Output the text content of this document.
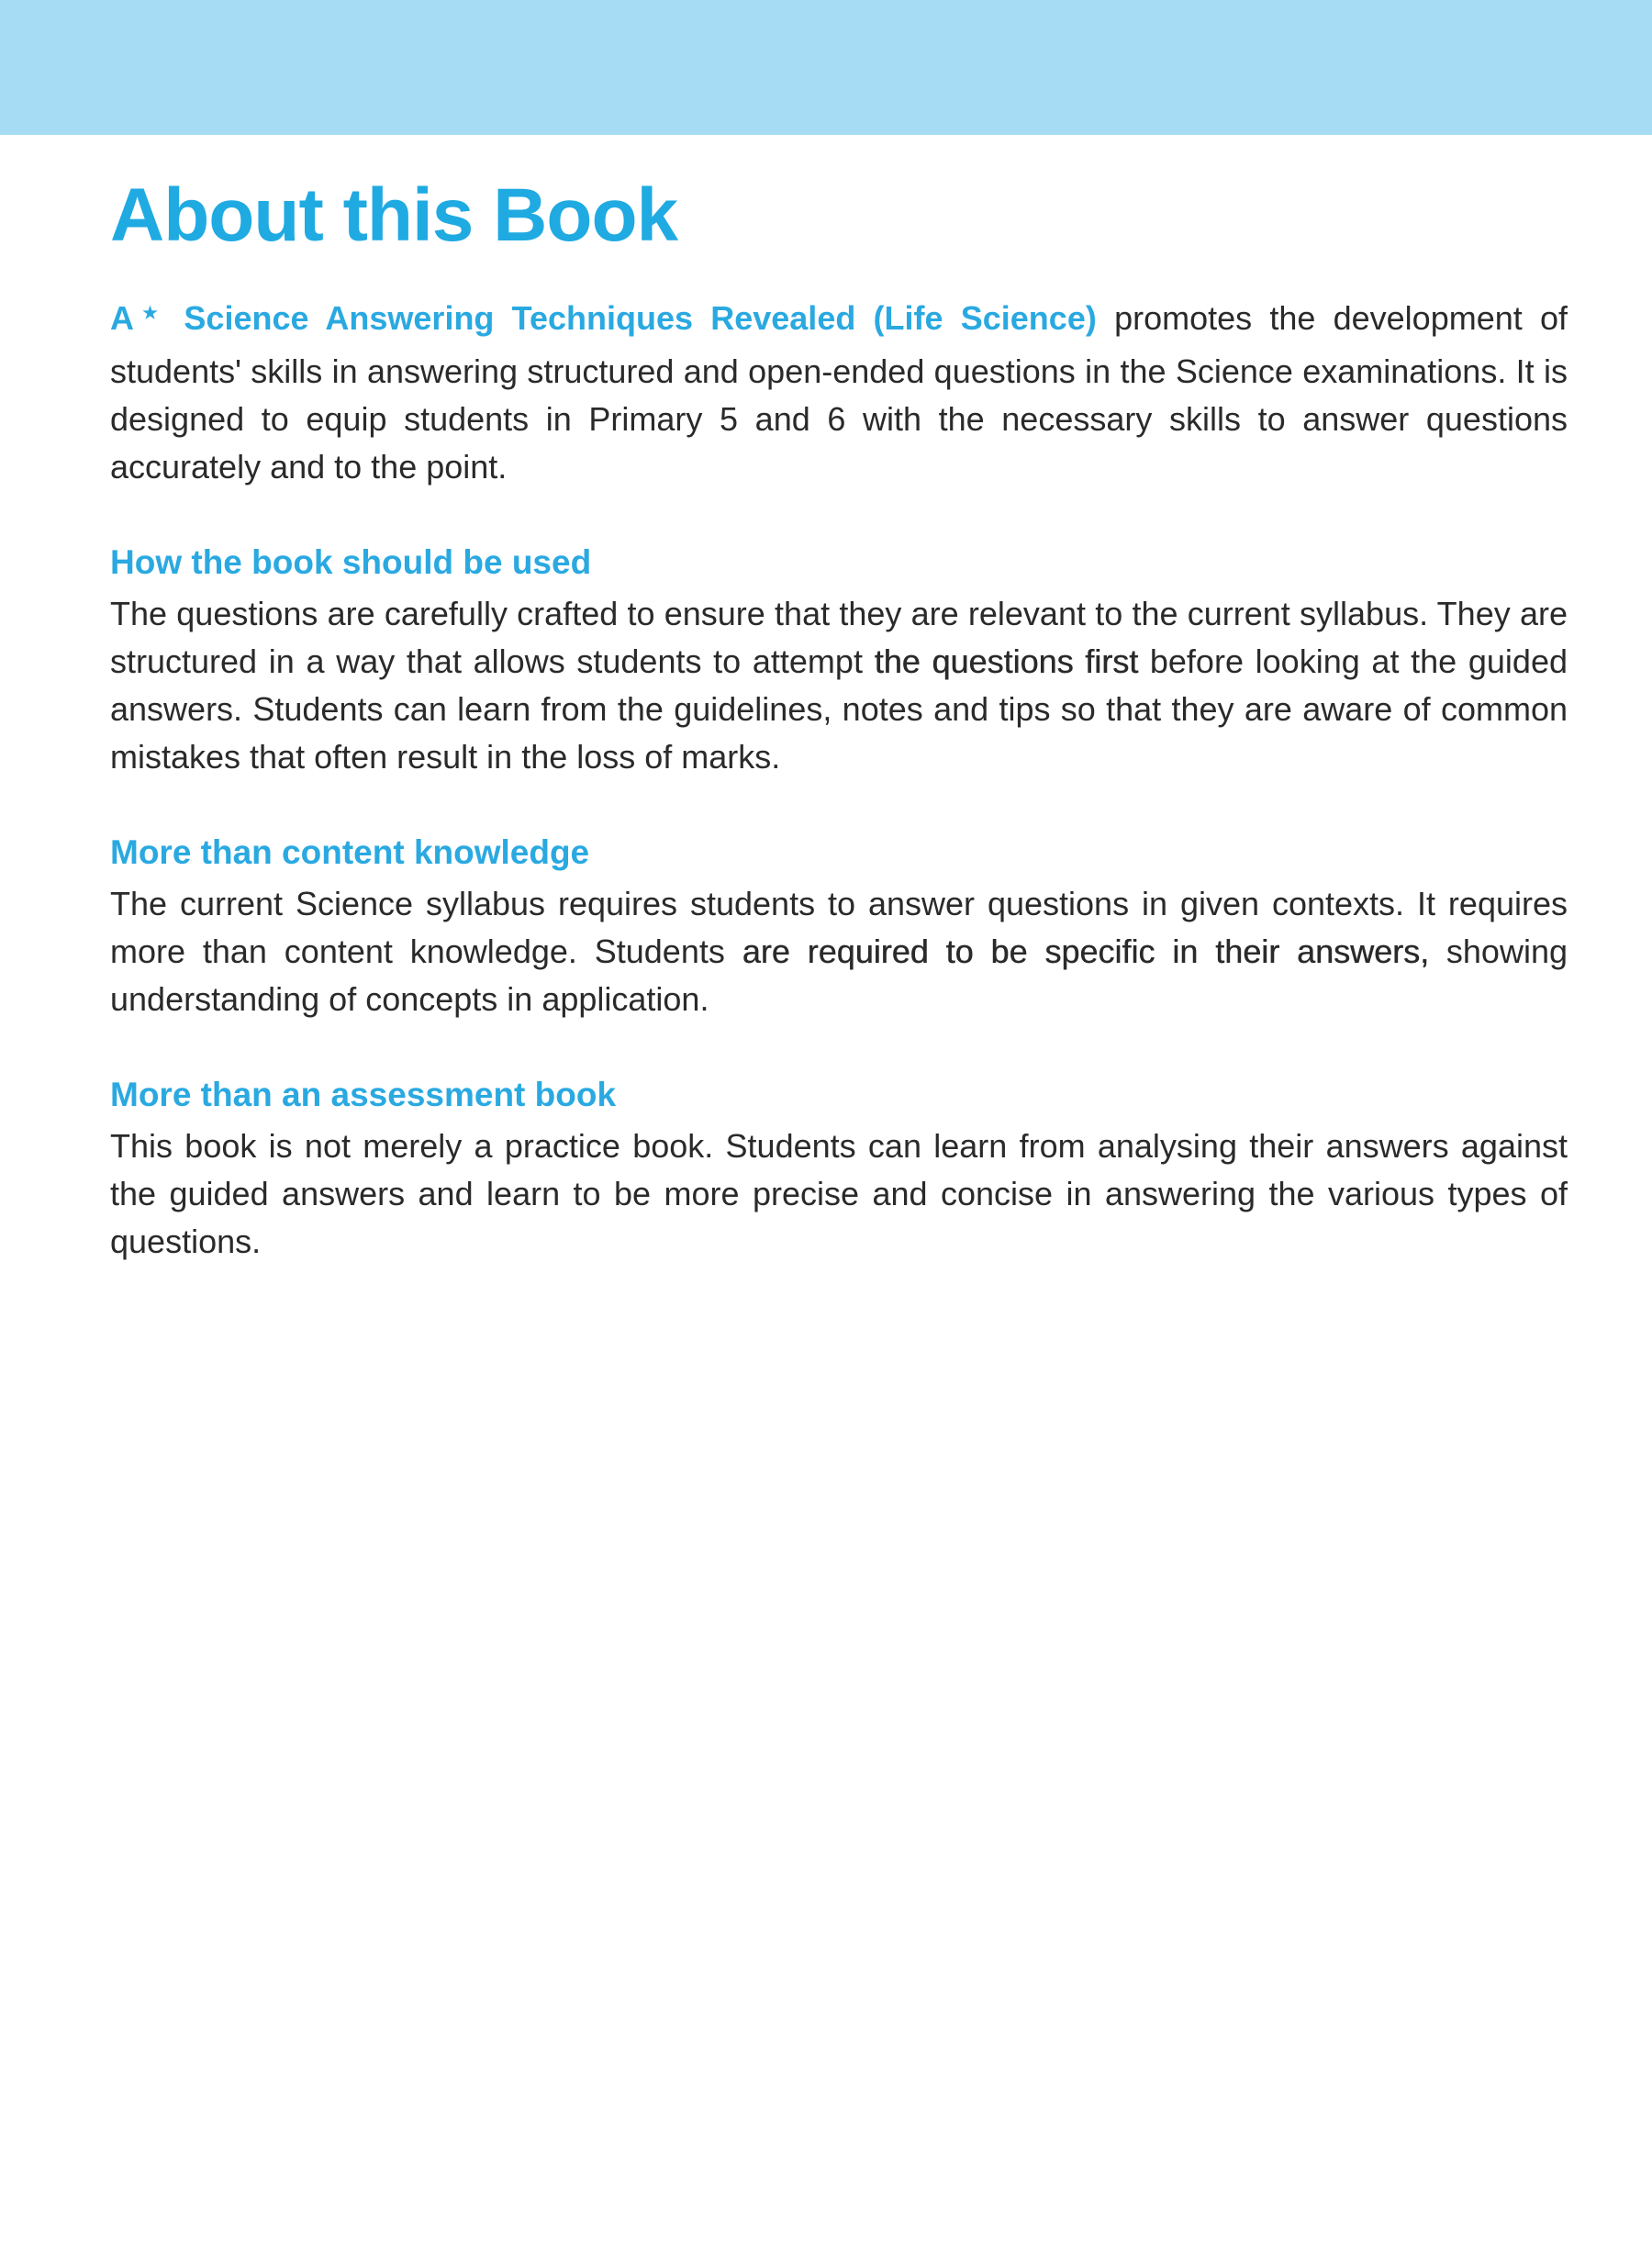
About this Book

A★ Science Answering Techniques Revealed (Life Science) promotes the development of students' skills in answering structured and open-ended questions in the Science examinations. It is designed to equip students in Primary 5 and 6 with the necessary skills to answer questions accurately and to the point.

How the book should be used

The questions are carefully crafted to ensure that they are relevant to the current syllabus. They are structured in a way that allows students to attempt the questions first before looking at the guided answers. Students can learn from the guidelines, notes and tips so that they are aware of common mistakes that often result in the loss of marks.

More than content knowledge

The current Science syllabus requires students to answer questions in given contexts. It requires more than content knowledge. Students are required to be specific in their answers, showing understanding of concepts in application.

More than an assessment book

This book is not merely a practice book. Students can learn from analysing their answers against the guided answers and learn to be more precise and concise in answering the various types of questions.
